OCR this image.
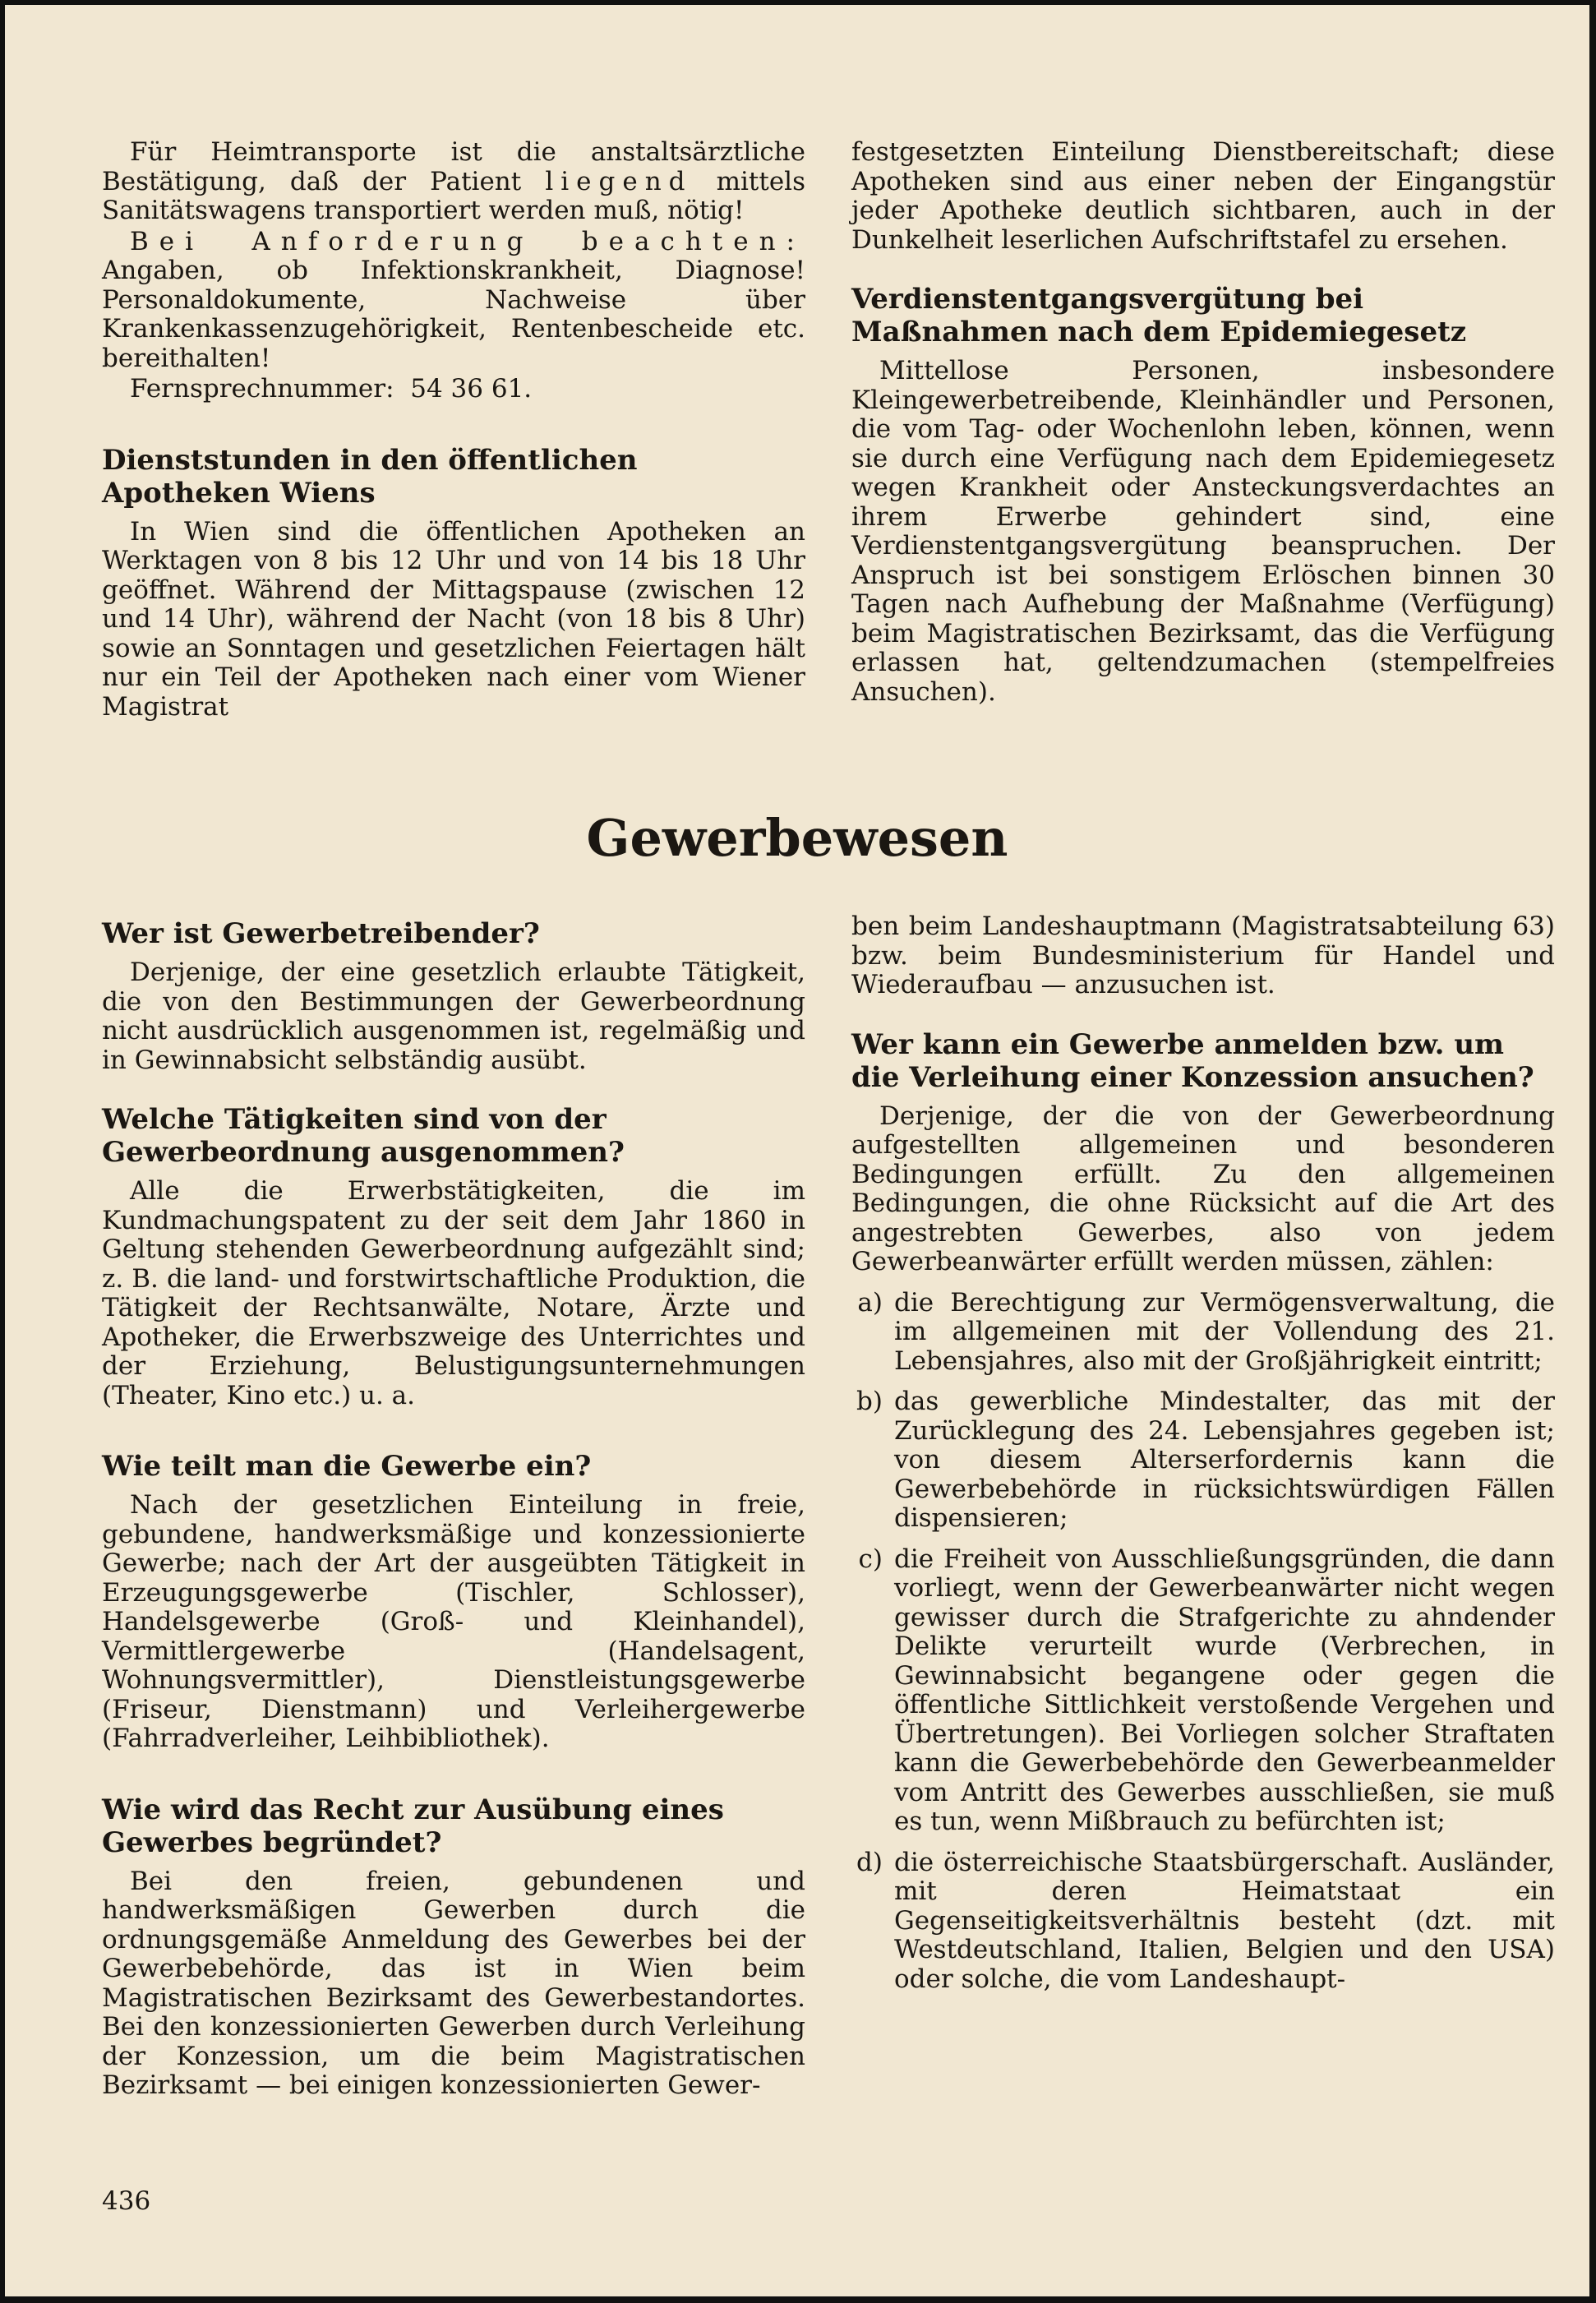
Für Heimtransporte ist die anstaltsärztliche Bestätigung, daß der Patient liegend mittels Sanitätswagens transportiert werden muß, nötig!

Bei Anforderung beachten: Angaben, ob Infektionskrankheit, Diagnose! Personaldokumente, Nachweise über Krankenkassenzugehörigkeit, Rentenbescheide etc. bereithalten!

Fernsprechnummer: 54 36 61.

Dienststunden in den öffentlichen Apotheken Wiens

In Wien sind die öffentlichen Apotheken an Werktagen von 8 bis 12 Uhr und von 14 bis 18 Uhr geöffnet. Während der Mittagspause (zwischen 12 und 14 Uhr), während der Nacht (von 18 bis 8 Uhr) sowie an Sonntagen und gesetzlichen Feiertagen hält nur ein Teil der Apotheken nach einer vom Wiener Magistrat

festgesetzten Einteilung Dienstbereitschaft; diese Apotheken sind aus einer neben der Eingangstür jeder Apotheke deutlich sichtbaren, auch in der Dunkelheit leserlichen Aufschriftstafel zu ersehen.

Verdienstentgangsvergütung bei Maßnahmen nach dem Epidemiegesetz

Mittellose Personen, insbesondere Kleingewerbetreibende, Kleinhändler und Personen, die vom Tag- oder Wochenlohn leben, können, wenn sie durch eine Verfügung nach dem Epidemiegesetz wegen Krankheit oder Ansteckungsverdachtes an ihrem Erwerbe gehindert sind, eine Verdienstentgangsvergütung beanspruchen. Der Anspruch ist bei sonstigem Erlöschen binnen 30 Tagen nach Aufhebung der Maßnahme (Verfügung) beim Magistratischen Bezirksamt, das die Verfügung erlassen hat, geltendzumachen (stempelfreies Ansuchen).

Gewerbewesen
Wer ist Gewerbetreibender?

Derjenige, der eine gesetzlich erlaubte Tätigkeit, die von den Bestimmungen der Gewerbeordnung nicht ausdrücklich ausgenommen ist, regelmäßig und in Gewinnabsicht selbständig ausübt.

Welche Tätigkeiten sind von der Gewerbeordnung ausgenommen?

Alle die Erwerbstätigkeiten, die im Kundmachungspatent zu der seit dem Jahr 1860 in Geltung stehenden Gewerbeordnung aufgezählt sind; z. B. die land- und forstwirtschaftliche Produktion, die Tätigkeit der Rechtsanwälte, Notare, Ärzte und Apotheker, die Erwerbszweige des Unterrichtes und der Erziehung, Belustigungsunternehmungen (Theater, Kino etc.) u. a.

Wie teilt man die Gewerbe ein?

Nach der gesetzlichen Einteilung in freie, gebundene, handwerksmäßige und konzessionierte Gewerbe; nach der Art der ausgeübten Tätigkeit in Erzeugungsgewerbe (Tischler, Schlosser), Handelsgewerbe (Groß- und Kleinhandel), Vermittlergewerbe (Handelsagent, Wohnungsvermittler), Dienstleistungsgewerbe (Friseur, Dienstmann) und Verleihergewerbe (Fahrradverleiher, Leihbibliothek).

Wie wird das Recht zur Ausübung eines Gewerbes begründet?

Bei den freien, gebundenen und handwerksmäßigen Gewerben durch die ordnungsgemäße Anmeldung des Gewerbes bei der Gewerbebehörde, das ist in Wien beim Magistratischen Bezirksamt des Gewerbestandortes. Bei den konzessionierten Gewerben durch Verleihung der Konzession, um die beim Magistratischen Bezirksamt — bei einigen konzessionierten Gewer-

ben beim Landeshauptmann (Magistratsabteilung 63) bzw. beim Bundesministerium für Handel und Wiederaufbau — anzusuchen ist.

Wer kann ein Gewerbe anmelden bzw. um die Verleihung einer Konzession ansuchen?

Derjenige, der die von der Gewerbeordnung aufgestellten allgemeinen und besonderen Bedingungen erfüllt. Zu den allgemeinen Bedingungen, die ohne Rücksicht auf die Art des angestrebten Gewerbes, also von jedem Gewerbeanwärter erfüllt werden müssen, zählen:

a) die Berechtigung zur Vermögensverwaltung, die im allgemeinen mit der Vollendung des 21. Lebensjahres, also mit der Großjährigkeit eintritt;

b) das gewerbliche Mindestalter, das mit der Zurücklegung des 24. Lebensjahres gegeben ist; von diesem Alterserfordernis kann die Gewerbebehörde in rücksichtswürdigen Fällen dispensieren;

c) die Freiheit von Ausschließungsgründen, die dann vorliegt, wenn der Gewerbeanwärter nicht wegen gewisser durch die Strafgerichte zu ahndender Delikte verurteilt wurde (Verbrechen, in Gewinnabsicht begangene oder gegen die öffentliche Sittlichkeit verstoßende Vergehen und Übertretungen). Bei Vorliegen solcher Straftaten kann die Gewerbebehörde den Gewerbeanmelder vom Antritt des Gewerbes ausschließen, sie muß es tun, wenn Mißbrauch zu befürchten ist;

d) die österreichische Staatsbürgerschaft. Ausländer, mit deren Heimatstaat ein Gegenseitigkeitsverhältnis besteht (dzt. mit Westdeutschland, Italien, Belgien und den USA) oder solche, die vom Landeshaupt-

436
